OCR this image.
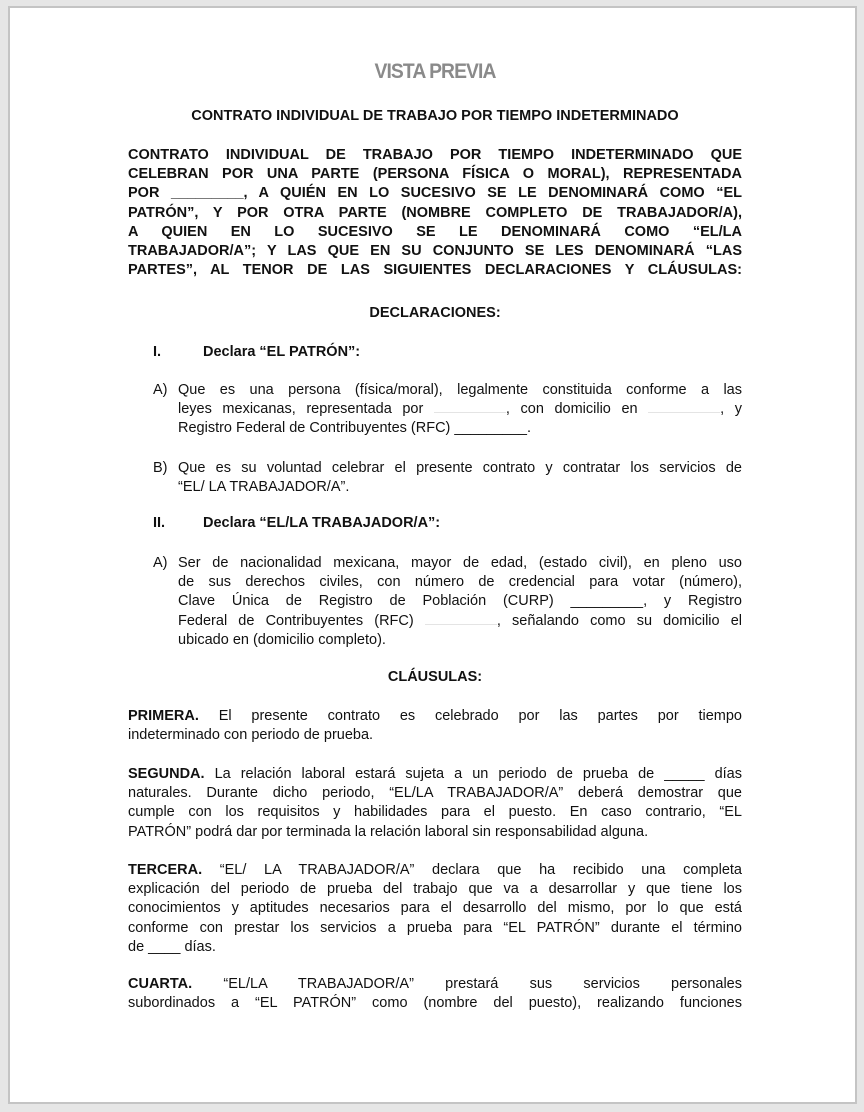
VISTA PREVIA
CONTRATO INDIVIDUAL DE TRABAJO POR TIEMPO INDETERMINADO
CONTRATO INDIVIDUAL DE TRABAJO POR TIEMPO INDETERMINADO QUE
CELEBRAN POR UNA PARTE (PERSONA FÍSICA O MORAL), REPRESENTADA
POR _________, A QUIÉN EN LO SUCESIVO SE LE DENOMINARÁ COMO “EL
PATRÓN”, Y POR OTRA PARTE (NOMBRE COMPLETO DE TRABAJADOR/A),
A QUIEN EN LO SUCESIVO SE LE DENOMINARÁ COMO “EL/LA
TRABAJADOR/A”; Y LAS QUE EN SU CONJUNTO SE LES DENOMINARÁ “LAS
PARTES”, AL TENOR DE LAS SIGUIENTES DECLARACIONES Y CLÁUSULAS:
DECLARACIONES:
I.	Declara “EL PATRÓN”:
A) Que es una persona (física/moral), legalmente constituida conforme a las
leyes mexicanas, representada por	, con domicilio en	, y
Registro Federal de Contribuyentes (RFC) _________.
B) Que es su voluntad celebrar el presente contrato y contratar los servicios de
“EL/ LA TRABAJADOR/A”.
II.	Declara “EL/LA TRABAJADOR/A”:
A) Ser de nacionalidad mexicana, mayor de edad, (estado civil), en pleno uso
de sus derechos civiles, con número de credencial para votar (número),
Clave Única de Registro de Población (CURP) _________, y Registro
Federal de Contribuyentes (RFC)	, señalando como su domicilio el
ubicado en (domicilio completo).
CLÁUSULAS:
PRIMERA. El presente contrato es celebrado por las partes por tiempo
indeterminado con periodo de prueba.
SEGUNDA. La relación laboral estará sujeta a un periodo de prueba de _____ días
naturales. Durante dicho periodo, “EL/LA TRABAJADOR/A” deberá demostrar que
cumple con los requisitos y habilidades para el puesto. En caso contrario, “EL
PATRÓN” podrá dar por terminada la relación laboral sin responsabilidad alguna.
TERCERA. “EL/ LA TRABAJADOR/A” declara que ha recibido una completa
explicación del periodo de prueba del trabajo que va a desarrollar y que tiene los
conocimientos y aptitudes necesarios para el desarrollo del mismo, por lo que está
conforme con prestar los servicios a prueba para “EL PATRÓN” durante el término
de ____ días.
CUARTA. “EL/LA TRABAJADOR/A” prestará sus servicios personales
subordinados a “EL PATRÓN” como (nombre del puesto), realizando funciones
